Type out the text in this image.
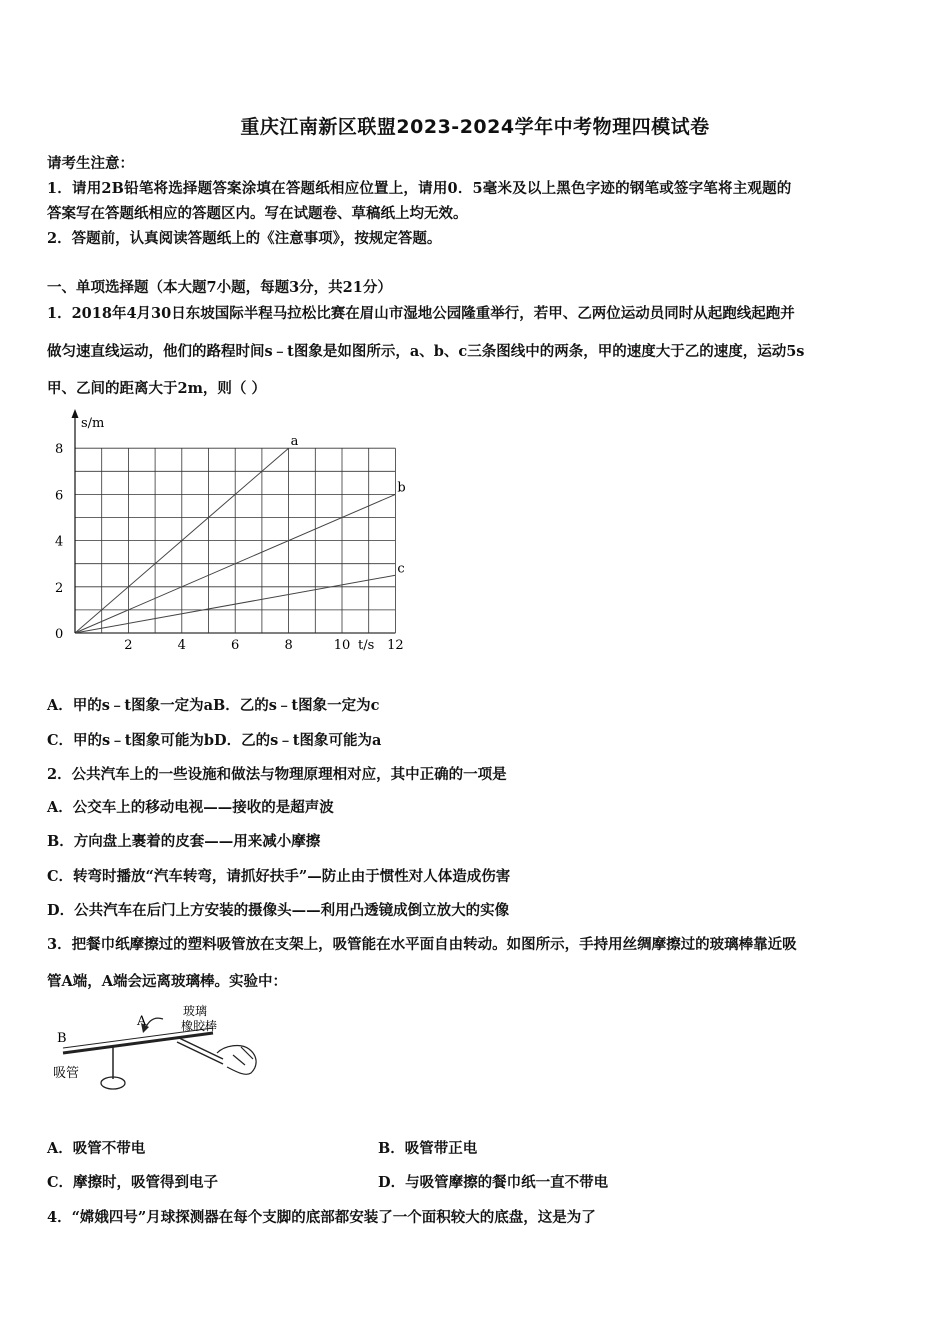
重庆江南新区联盟2023-2024学年中考物理四模试卷
请考生注意：
1．请用2B铅笔将选择题答案涂填在答题纸相应位置上，请用0．5毫米及以上黑色字迹的钢笔或签字笔将主观题的
答案写在答题纸相应的答题区内。写在试题卷、草稿纸上均无效。
2．答题前，认真阅读答题纸上的《注意事项》，按规定答题。
一、单项选择题（本大题7小题，每题3分，共21分）
1．2018年4月30日东坡国际半程马拉松比赛在眉山市湿地公园隆重举行，若甲、乙两位运动员同时从起跑线起跑并
做匀速直线运动，他们的路程时间s﹣t图象是如图所示，a、b、c三条图线中的两条，甲的速度大于乙的速度，运动5s
甲、乙间的距离大于2m，则（ ）
s/m
t/s
0
2
4
6
8
2	4	6	8	10	12
a
b
c
A．甲的s﹣t图象一定为aB．乙的s﹣t图象一定为c
C．甲的s﹣t图象可能为bD．乙的s﹣t图象可能为a
2．公共汽车上的一些设施和做法与物理原理相对应，其中正确的一项是
A．公交车上的移动电视——接收的是超声波
B．方向盘上裹着的皮套——用来减小摩擦
C．转弯时播放“汽车转弯，请抓好扶手”—防止由于惯性对人体造成伤害
D．公共汽车在后门上方安装的摄像头——利用凸透镜成倒立放大的实像
3．把餐巾纸摩擦过的塑料吸管放在支架上，吸管能在水平面自由转动。如图所示，手持用丝绸摩擦过的玻璃棒靠近吸
管A端，A端会远离玻璃棒。实验中：
B
A
吸管
玻璃
橡胶棒
A．吸管不带电	B．吸管带正电
C．摩擦时，吸管得到电子	D．与吸管摩擦的餐巾纸一直不带电
4．“嫦娥四号”月球探测器在每个支脚的底部都安装了一个面积较大的底盘，这是为了
